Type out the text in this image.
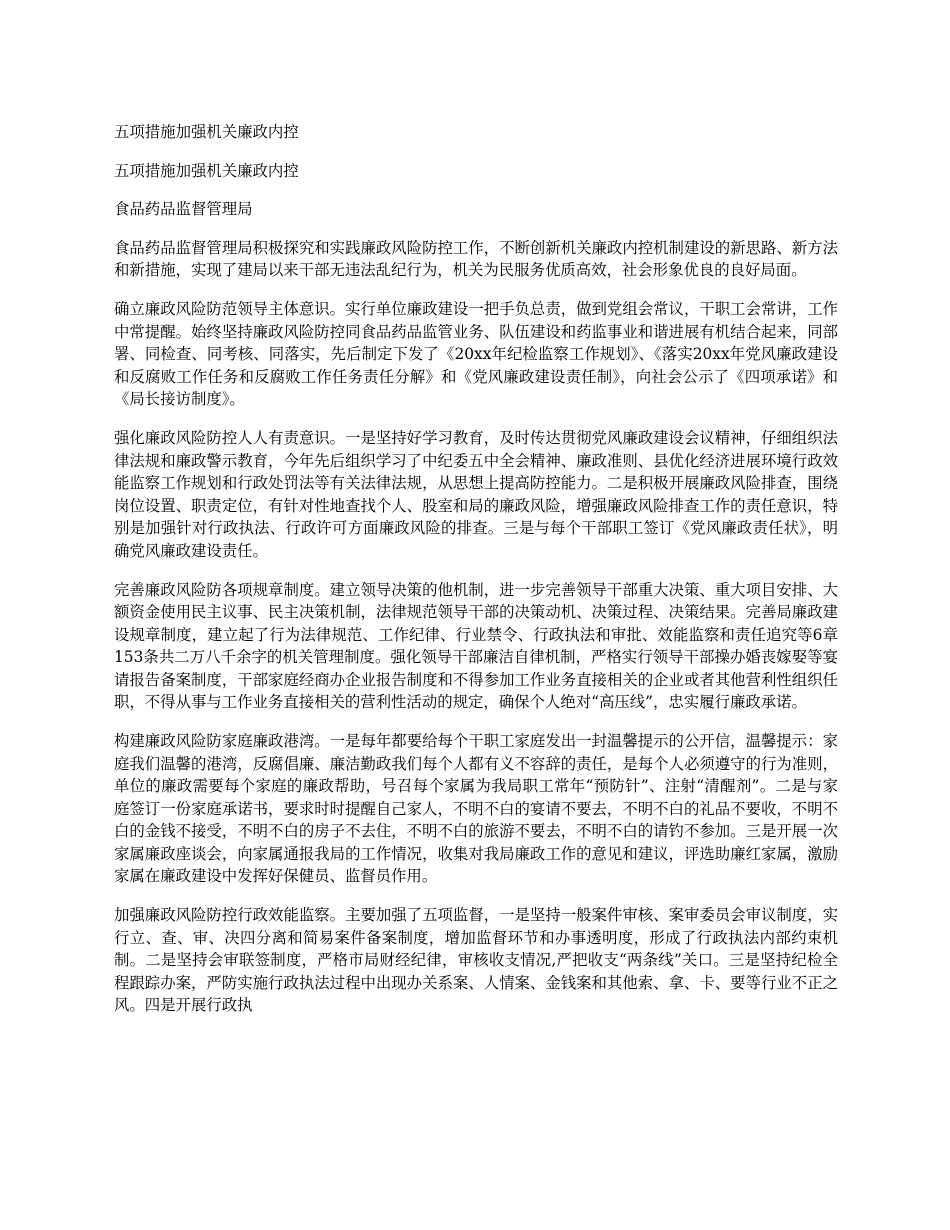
五项措施加强机关廉政内控
五项措施加强机关廉政内控
食品药品监督管理局
食品药品监督管理局积极探究和实践廉政风险防控工作，不断创新机关廉政内控机制建设的新思路、新方法和新措施，实现了建局以来干部无违法乱纪行为，机关为民服务优质高效，社会形象优良的良好局面。
确立廉政风险防范领导主体意识。实行单位廉政建设一把手负总责，做到党组会常议，干职工会常讲，工作中常提醒。始终坚持廉政风险防控同食品药品监管业务、队伍建设和药监事业和谐进展有机结合起来，同部署、同检查、同考核、同落实，先后制定下发了《20xx年纪检监察工作规划》、《落实20xx年党风廉政建设和反腐败工作任务和反腐败工作任务责任分解》和《党风廉政建设责任制》，向社会公示了《四项承诺》和《局长接访制度》。
强化廉政风险防控人人有责意识。一是坚持好学习教育，及时传达贯彻党风廉政建设会议精神，仔细组织法律法规和廉政警示教育，今年先后组织学习了中纪委五中全会精神、廉政准则、县优化经济进展环境行政效能监察工作规划和行政处罚法等有关法律法规，从思想上提高防控能力。二是积极开展廉政风险排查，围绕岗位设置、职责定位，有针对性地查找个人、股室和局的廉政风险，增强廉政风险排查工作的责任意识，特别是加强针对行政执法、行政许可方面廉政风险的排查。三是与每个干部职工签订《党风廉政责任状》，明确党风廉政建设责任。
完善廉政风险防各项规章制度。建立领导决策的他机制，进一步完善领导干部重大决策、重大项目安排、大额资金使用民主议事、民主决策机制，法律规范领导干部的决策动机、决策过程、决策结果。完善局廉政建设规章制度，建立起了行为法律规范、工作纪律、行业禁令、行政执法和审批、效能监察和责任追究等6章153条共二万八千余字的机关管理制度。强化领导干部廉洁自律机制，严格实行领导干部操办婚丧嫁娶等宴请报告备案制度，干部家庭经商办企业报告制度和不得参加工作业务直接相关的企业或者其他营利性组织任职，不得从事与工作业务直接相关的营利性活动的规定，确保个人绝对“高压线”，忠实履行廉政承诺。
构建廉政风险防家庭廉政港湾。一是每年都要给每个干职工家庭发出一封温馨提示的公开信，温馨提示：家庭我们温馨的港湾，反腐倡廉、廉洁勤政我们每个人都有义不容辞的责任，是每个人必须遵守的行为准则，单位的廉政需要每个家庭的廉政帮助，号召每个家属为我局职工常年“预防针”、注射“清醒剂”。二是与家庭签订一份家庭承诺书，要求时时提醒自己家人，不明不白的宴请不要去，不明不白的礼品不要收，不明不白的金钱不接受，不明不白的房子不去住，不明不白的旅游不要去，不明不白的请钓不参加。三是开展一次家属廉政座谈会，向家属通报我局的工作情况，收集对我局廉政工作的意见和建议，评选助廉红家属，激励家属在廉政建设中发挥好保健员、监督员作用。
加强廉政风险防控行政效能监察。主要加强了五项监督，一是坚持一般案件审核、案审委员会审议制度，实行立、查、审、决四分离和简易案件备案制度，增加监督环节和办事透明度，形成了行政执法内部约束机制。二是坚持会审联签制度，严格市局财经纪律，审核收支情况,严把收支“两条线”关口。三是坚持纪检全程跟踪办案，严防实施行政执法过程中出现办关系案、人情案、金钱案和其他索、拿、卡、要等行业不正之风。四是开展行政执
